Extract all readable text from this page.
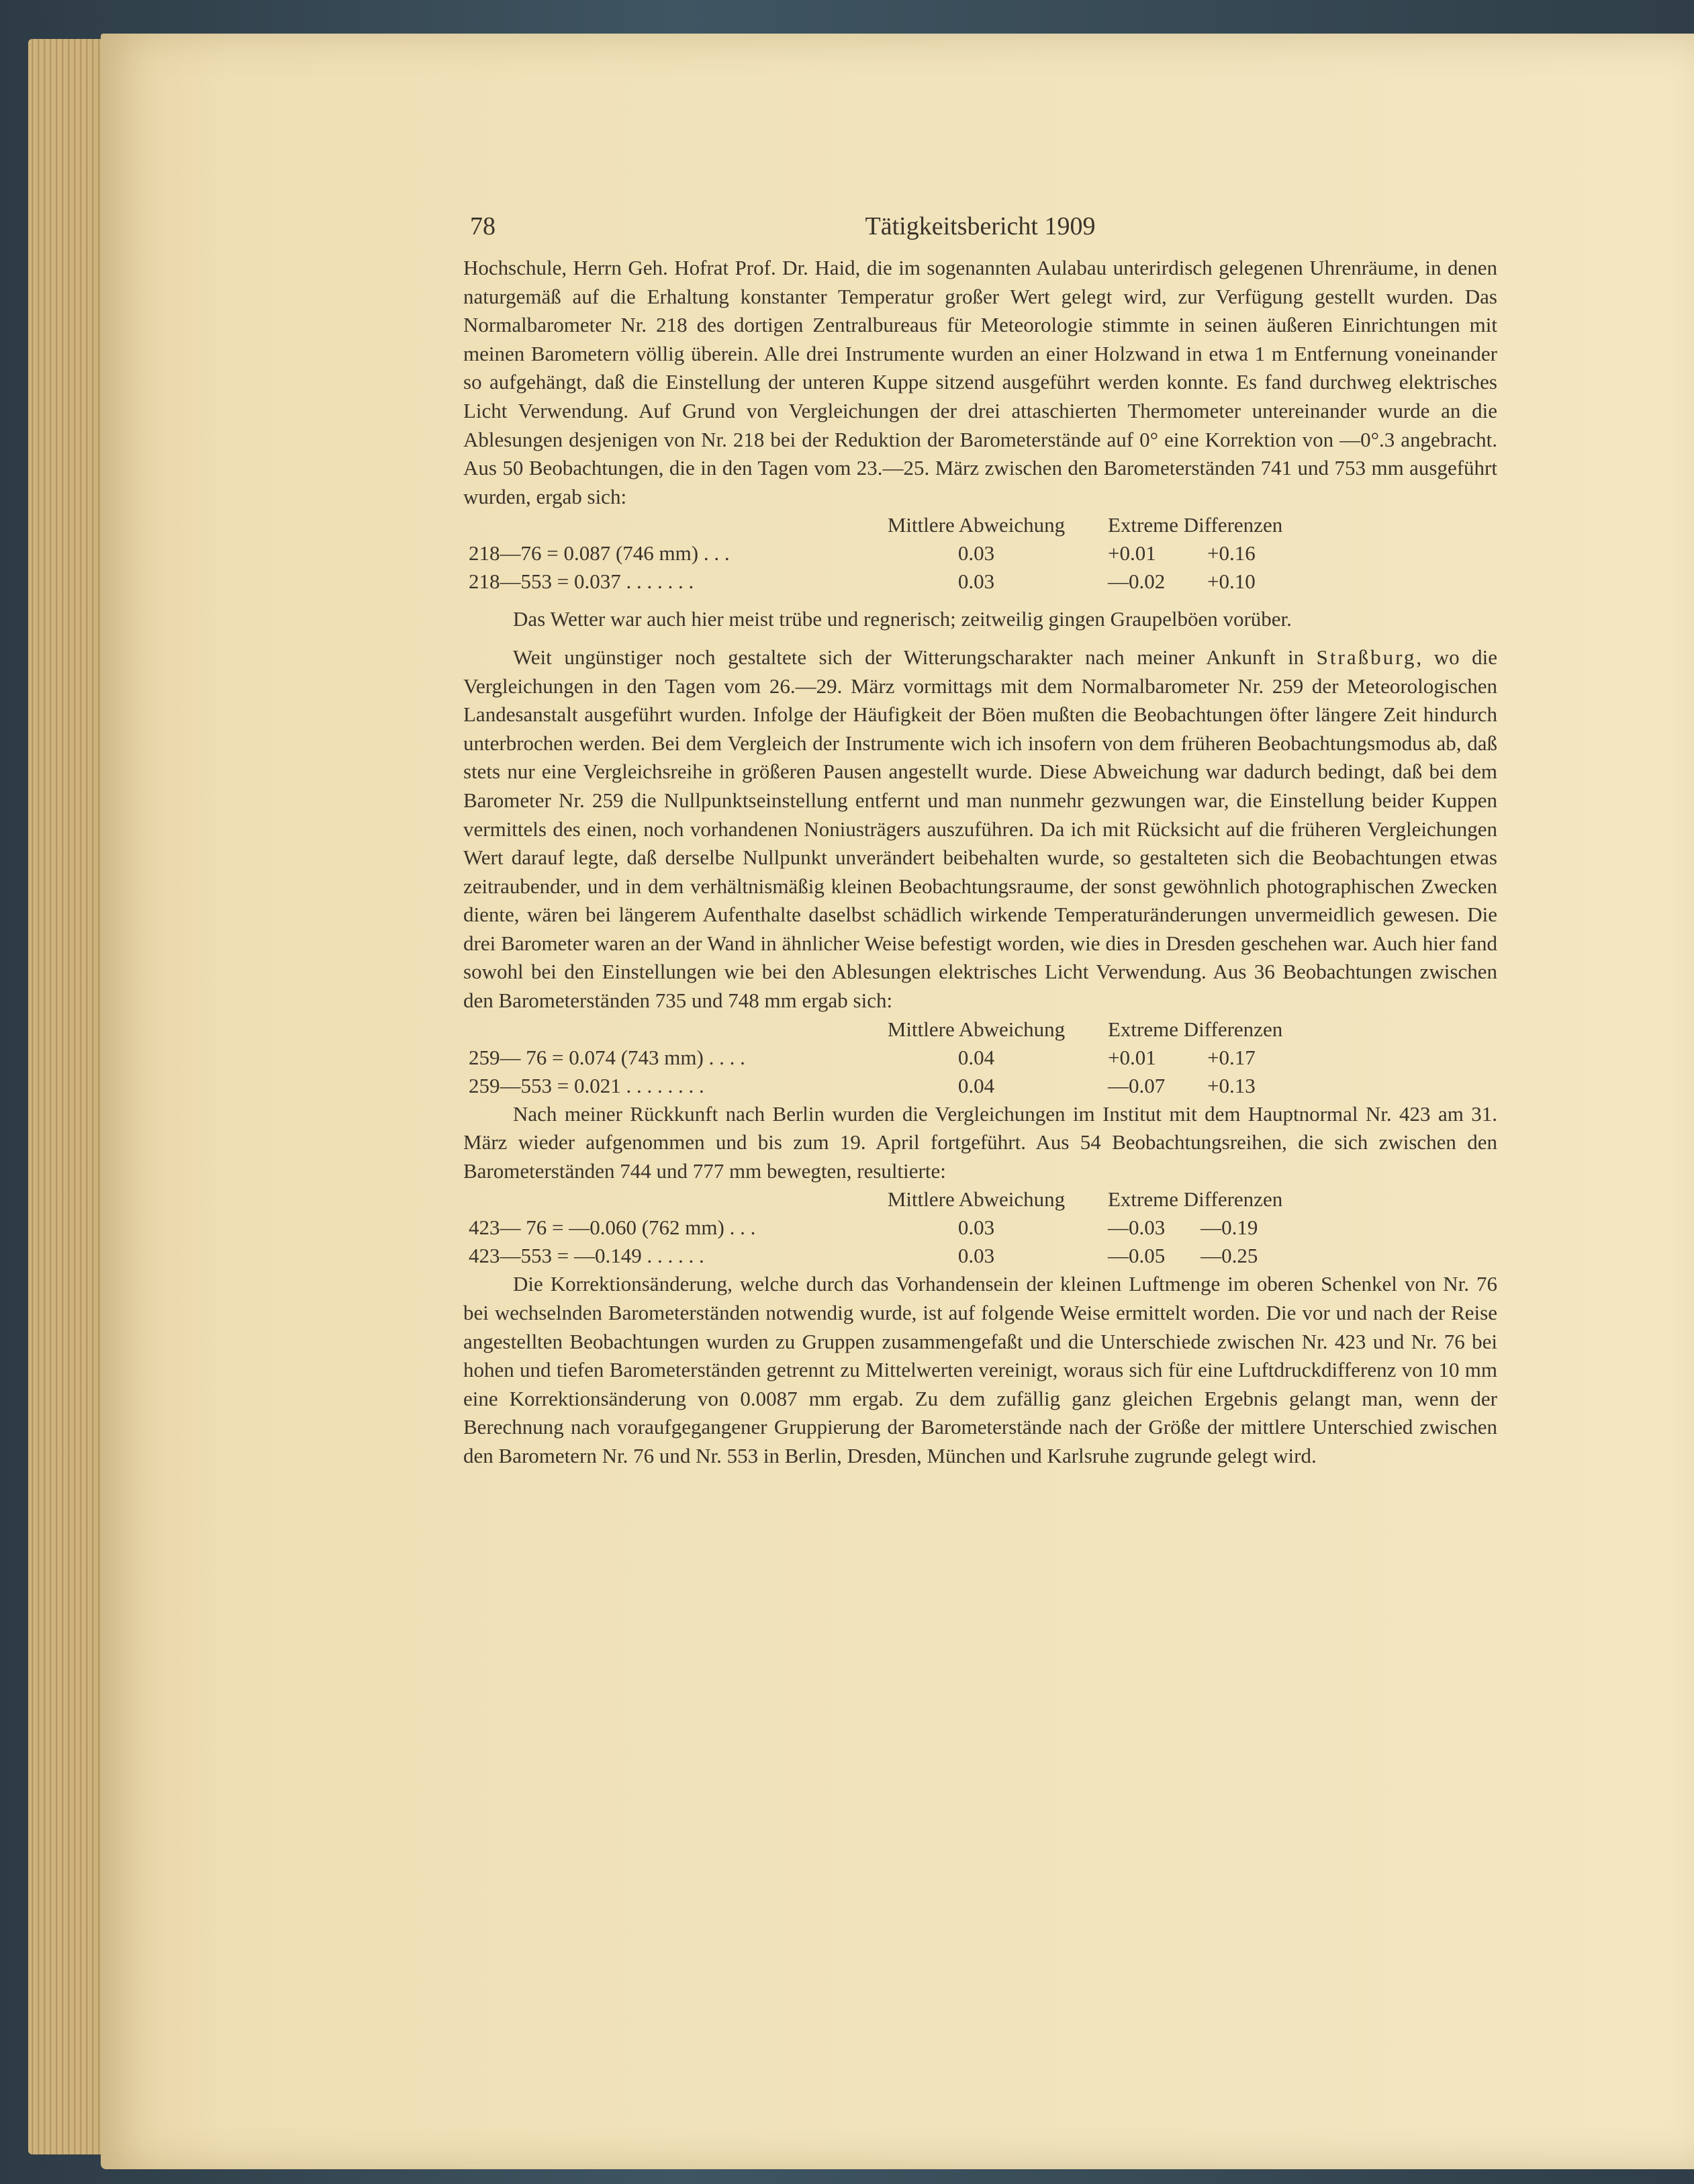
78	Tätigkeitsbericht 1909

Hochschule, Herrn Geh. Hofrat Prof. Dr. Haid, die im sogenannten Aulabau unterirdisch gelegenen Uhrenräume, in denen naturgemäß auf die Erhaltung konstanter Temperatur großer Wert gelegt wird, zur Verfügung gestellt wurden. Das Normalbarometer Nr. 218 des dortigen Zentralbureaus für Meteorologie stimmte in seinen äußeren Einrichtungen mit meinen Barometern völlig überein. Alle drei Instrumente wurden an einer Holzwand in etwa 1 m Entfernung voneinander so aufgehängt, daß die Einstellung der unteren Kuppe sitzend ausgeführt werden konnte. Es fand durchweg elektrisches Licht Verwendung. Auf Grund von Vergleichungen der drei attaschierten Thermometer untereinander wurde an die Ablesungen desjenigen von Nr. 218 bei der Reduktion der Barometerstände auf 0° eine Korrektion von —0°.3 angebracht. Aus 50 Beobachtungen, die in den Tagen vom 23.—25. März zwischen den Barometerständen 741 und 753 mm ausgeführt wurden, ergab sich:

	Mittlere Abweichung	Extreme Differenzen	
218—76 = 0.087 (746 mm) . . .	0.03	+0.01	+0.16
218—553 = 0.037 . . . . . . .	0.03	—0.02	+0.10

Das Wetter war auch hier meist trübe und regnerisch; zeitweilig gingen Graupelböen vorüber.

Weit ungünstiger noch gestaltete sich der Witterungscharakter nach meiner Ankunft in Straßburg, wo die Vergleichungen in den Tagen vom 26.—29. März vormittags mit dem Normalbarometer Nr. 259 der Meteorologischen Landesanstalt ausgeführt wurden. Infolge der Häufigkeit der Böen mußten die Beobachtungen öfter längere Zeit hindurch unterbrochen werden. Bei dem Vergleich der Instrumente wich ich insofern von dem früheren Beobachtungsmodus ab, daß stets nur eine Vergleichsreihe in größeren Pausen angestellt wurde. Diese Abweichung war dadurch bedingt, daß bei dem Barometer Nr. 259 die Nullpunktseinstellung entfernt und man nunmehr gezwungen war, die Einstellung beider Kuppen vermittels des einen, noch vorhandenen Noniusträgers auszuführen. Da ich mit Rücksicht auf die früheren Vergleichungen Wert darauf legte, daß derselbe Nullpunkt unverändert beibehalten wurde, so gestalteten sich die Beobachtungen etwas zeitraubender, und in dem verhältnismäßig kleinen Beobachtungsraume, der sonst gewöhnlich photographischen Zwecken diente, wären bei längerem Aufenthalte daselbst schädlich wirkende Temperaturänderungen unvermeidlich gewesen. Die drei Barometer waren an der Wand in ähnlicher Weise befestigt worden, wie dies in Dresden geschehen war. Auch hier fand sowohl bei den Einstellungen wie bei den Ablesungen elektrisches Licht Verwendung. Aus 36 Beobachtungen zwischen den Barometerständen 735 und 748 mm ergab sich:

	Mittlere Abweichung	Extreme Differenzen	
259— 76 = 0.074 (743 mm) . . . .	0.04	+0.01	+0.17
259—553 = 0.021 . . . . . . . .	0.04	—0.07	+0.13

Nach meiner Rückkunft nach Berlin wurden die Vergleichungen im Institut mit dem Hauptnormal Nr. 423 am 31. März wieder aufgenommen und bis zum 19. April fortgeführt. Aus 54 Beobachtungsreihen, die sich zwischen den Barometerständen 744 und 777 mm bewegten, resultierte:

	Mittlere Abweichung	Extreme Differenzen	
423— 76 = —0.060 (762 mm) . . .	0.03	—0.03	—0.19
423—553 = —0.149 . . . . . .	0.03	—0.05	—0.25

Die Korrektionsänderung, welche durch das Vorhandensein der kleinen Luftmenge im oberen Schenkel von Nr. 76 bei wechselnden Barometerständen notwendig wurde, ist auf folgende Weise ermittelt worden. Die vor und nach der Reise angestellten Beobachtungen wurden zu Gruppen zusammengefaßt und die Unterschiede zwischen Nr. 423 und Nr. 76 bei hohen und tiefen Barometerständen getrennt zu Mittelwerten vereinigt, woraus sich für eine Luftdruckdifferenz von 10 mm eine Korrektionsänderung von 0.0087 mm ergab. Zu dem zufällig ganz gleichen Ergebnis gelangt man, wenn der Berechnung nach voraufgegangener Gruppierung der Barometerstände nach der Größe der mittlere Unterschied zwischen den Barometern Nr. 76 und Nr. 553 in Berlin, Dresden, München und Karlsruhe zugrunde gelegt wird.
